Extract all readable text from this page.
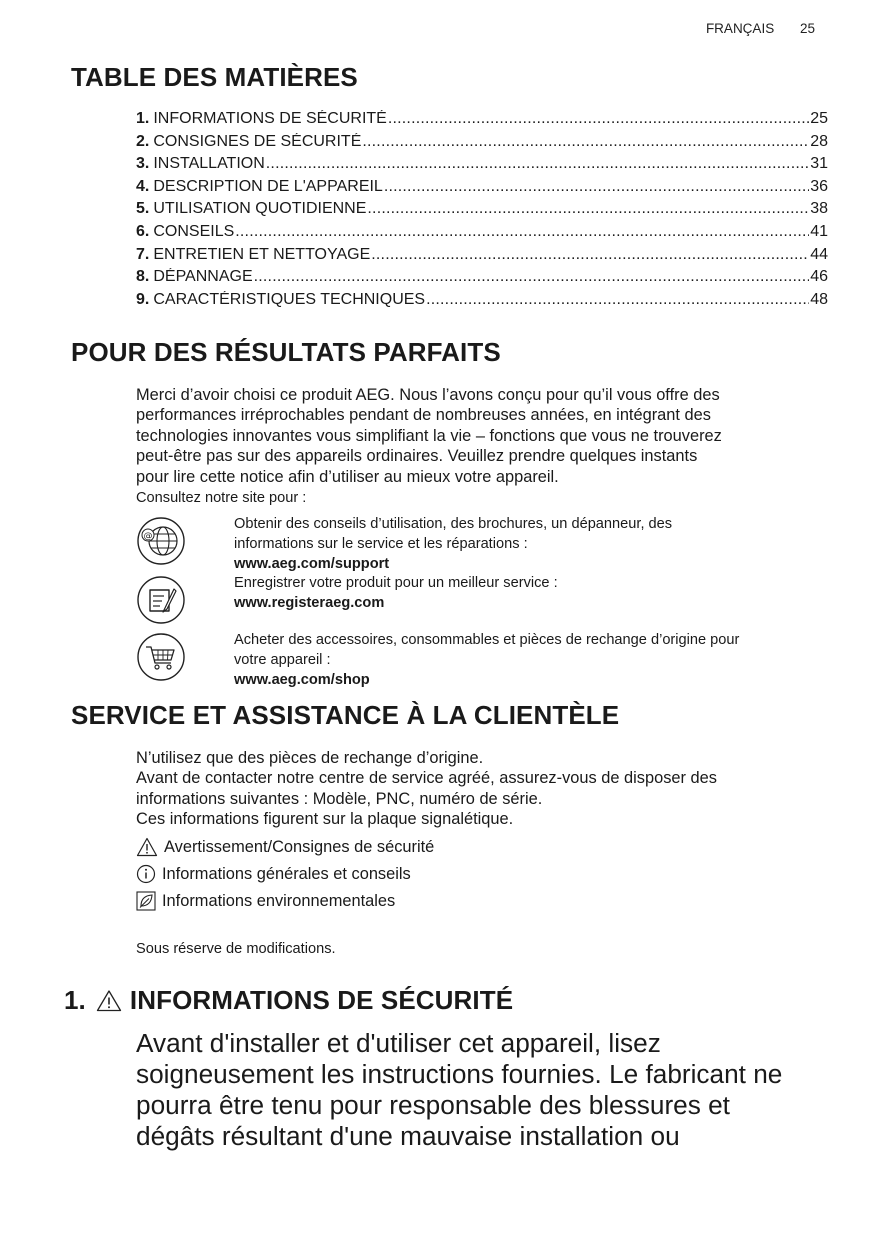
FRANÇAIS 25
TABLE DES MATIÈRES
1. INFORMATIONS DE SÉCURITÉ .....	25
2. CONSIGNES DE SÉCURITÉ .....	28
3. INSTALLATION .....	31
4. DESCRIPTION DE L'APPAREIL .....	36
5. UTILISATION QUOTIDIENNE .....	38
6. CONSEILS .....	41
7. ENTRETIEN ET NETTOYAGE .....	44
8. DÉPANNAGE .....	46
9. CARACTÉRISTIQUES TECHNIQUES .....	48
POUR DES RÉSULTATS PARFAITS
Merci d’avoir choisi ce produit AEG. Nous l’avons conçu pour qu’il vous offre des
performances irréprochables pendant de nombreuses années, en intégrant des
technologies innovantes vous simplifiant la vie – fonctions que vous ne trouverez
peut-être pas sur des appareils ordinaires. Veuillez prendre quelques instants
pour lire cette notice afin d’utiliser au mieux votre appareil.
Consultez notre site pour :
@
Obtenir des conseils d’utilisation, des brochures, un dépanneur, des
informations sur le service et les réparations :
www.aeg.com/support
Enregistrer votre produit pour un meilleur service :
www.registeraeg.com
Acheter des accessoires, consommables et pièces de rechange d’origine pour
votre appareil :
www.aeg.com/shop
SERVICE ET ASSISTANCE À LA CLIENTÈLE
N’utilisez que des pièces de rechange d’origine.
Avant de contacter notre centre de service agréé, assurez-vous de disposer des
informations suivantes : Modèle, PNC, numéro de série.
Ces informations figurent sur la plaque signalétique.
Avertissement/Consignes de sécurité
Informations générales et conseils
Informations environnementales
Sous réserve de modifications.
1. INFORMATIONS DE SÉCURITÉ
Avant d'installer et d'utiliser cet appareil, lisez
soigneusement les instructions fournies. Le fabricant ne
pourra être tenu pour responsable des blessures et
dégâts résultant d'une mauvaise installation ou
